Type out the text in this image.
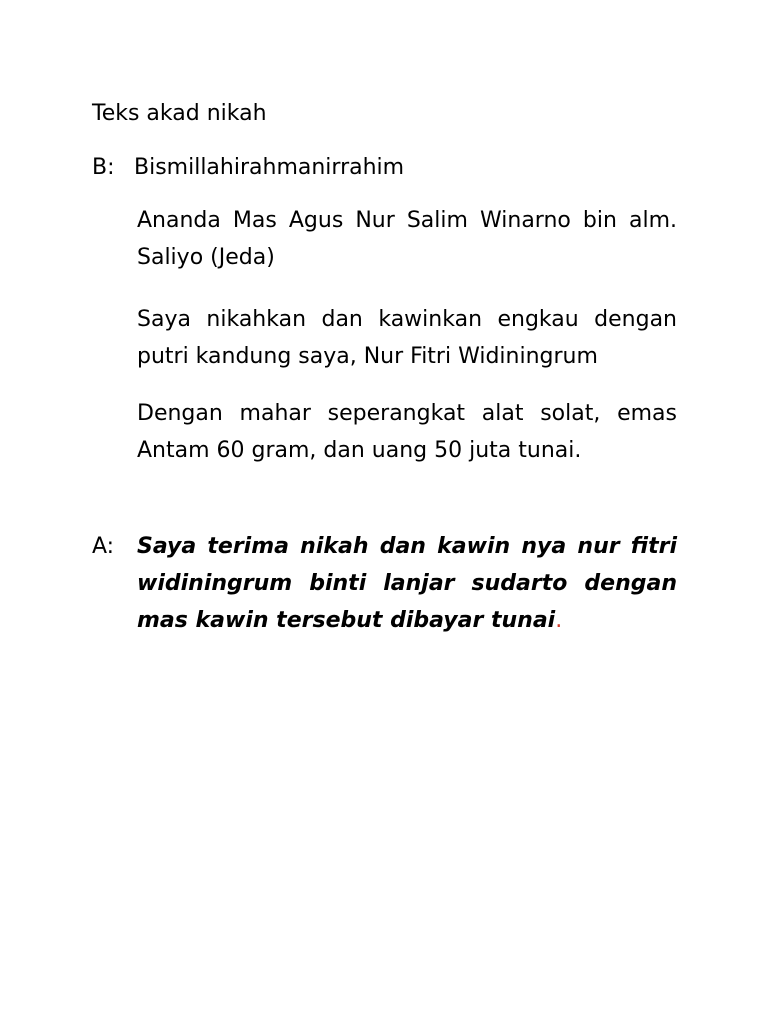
Teks akad nikah
B: Bismillahirahmanirrahim

Ananda Mas Agus Nur Salim Winarno bin alm. Saliyo (Jeda)

Saya nikahkan dan kawinkan engkau dengan putri kandung saya, Nur Fitri Widiningrum

Dengan mahar seperangkat alat solat, emas Antam 60 gram, dan uang 50 juta tunai.

A: Saya terima nikah dan kawin nya nur fitri widiningrum binti lanjar sudarto dengan mas kawin tersebut dibayar tunai.
